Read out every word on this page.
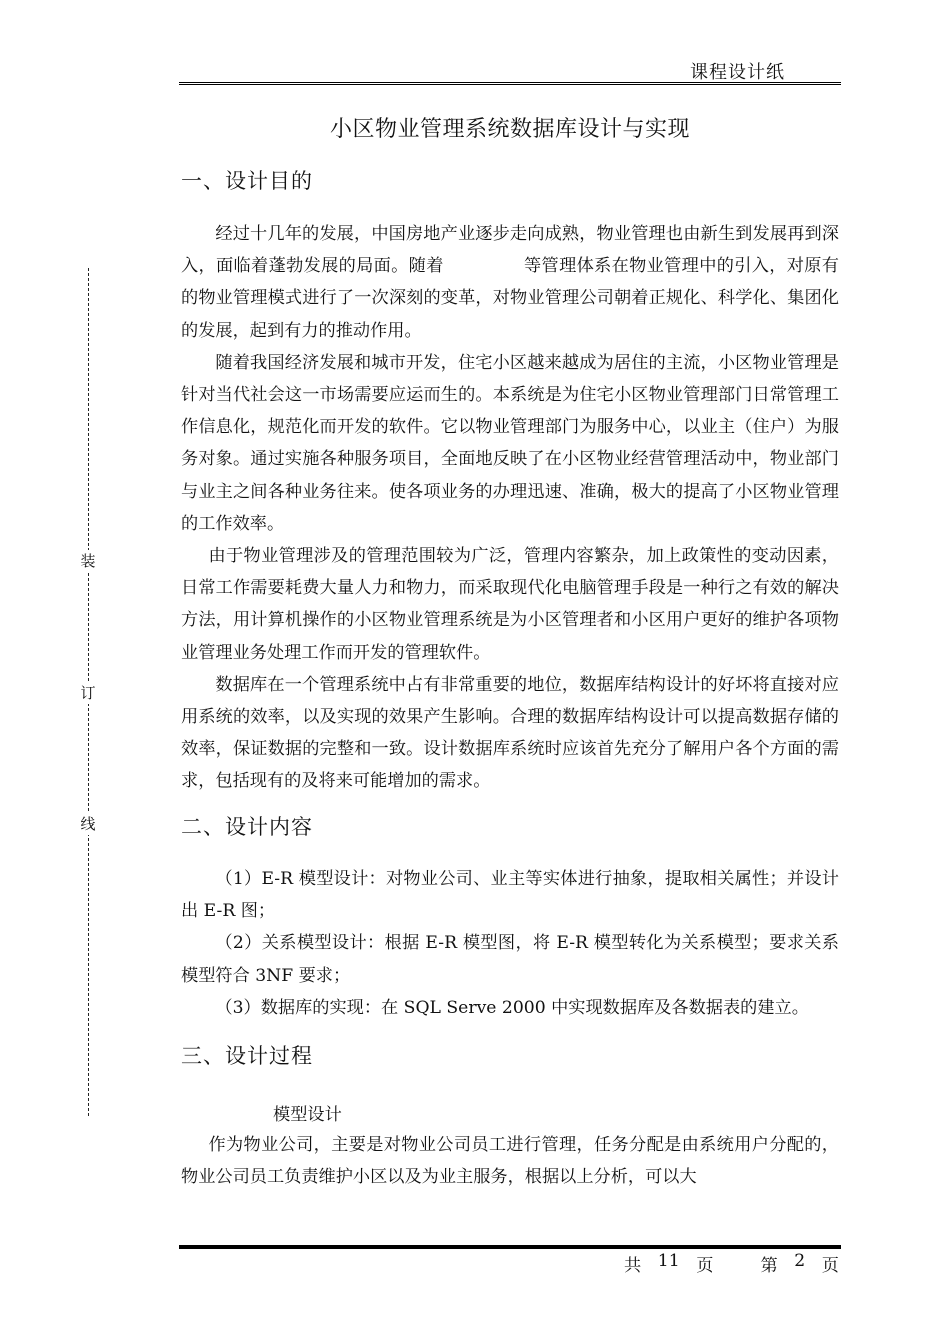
课程设计纸
小区物业管理系统数据库设计与实现
装
订
线
一、设计目的

经过十几年的发展，中国房地产业逐步走向成熟，物业管理也由新生到发展再到深入，面临着蓬勃发展的局面。随着	等管理体系在物业管理中的引入，对原有的物业管理模式进行了一次深刻的变革，对物业管理公司朝着正规化、科学化、集团化的发展，起到有力的推动作用。

随着我国经济发展和城市开发，住宅小区越来越成为居住的主流，小区物业管理是针对当代社会这一市场需要应运而生的。本系统是为住宅小区物业管理部门日常管理工作信息化，规范化而开发的软件。它以物业管理部门为服务中心，以业主（住户）为服务对象。通过实施各种服务项目，全面地反映了在小区物业经营管理活动中，物业部门与业主之间各种业务往来。使各项业务的办理迅速、准确，极大的提高了小区物业管理的工作效率。

由于物业管理涉及的管理范围较为广泛，管理内容繁杂，加上政策性的变动因素，日常工作需要耗费大量人力和物力，而采取现代化电脑管理手段是一种行之有效的解决方法，用计算机操作的小区物业管理系统是为小区管理者和小区用户更好的维护各项物业管理业务处理工作而开发的管理软件。

数据库在一个管理系统中占有非常重要的地位，数据库结构设计的好坏将直接对应用系统的效率，以及实现的效果产生影响。合理的数据库结构设计可以提高数据存储的效率，保证数据的完整和一致。设计数据库系统时应该首先充分了解用户各个方面的需求，包括现有的及将来可能增加的需求。

二、设计内容

（1）E-R 模型设计：对物业公司、业主等实体进行抽象，提取相关属性；并设计出 E-R 图；

（2）关系模型设计：根据 E-R 模型图，将 E-R 模型转化为关系模型；要求关系模型符合 3NF 要求；

（3）数据库的实现：在 SQL Serve 2000 中实现数据库及各数据表的建立。

三、设计过程
模型设计

作为物业公司，主要是对物业公司员工进行管理，任务分配是由系统用户分配的，物业公司员工负责维护小区以及为业主服务，根据以上分析，可以大

共 11 页	第 2 页
